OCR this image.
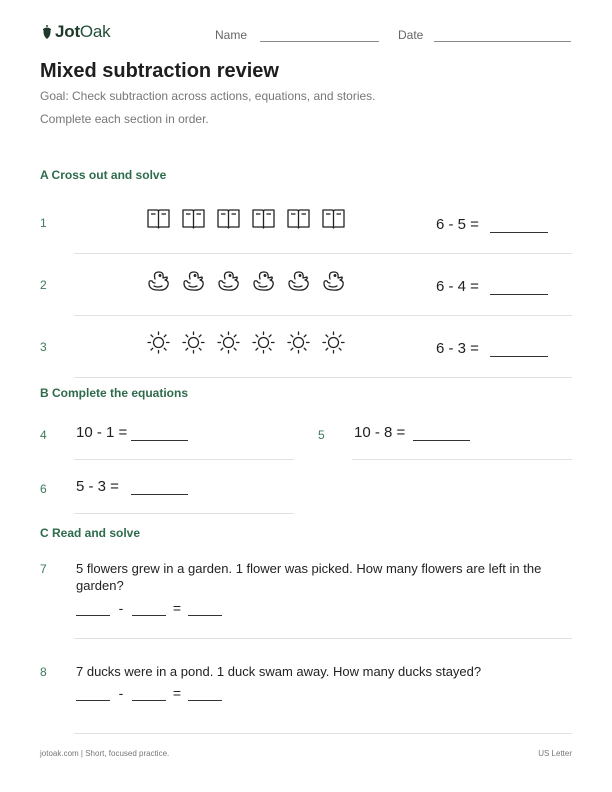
JotOak	Name	Date
Mixed subtraction review
Goal: Check subtraction across actions, equations, and stories.
Complete each section in order.
A Cross out and solve
1	6 - 5 =
2	6 - 4 =
3	6 - 3 =
B Complete the equations
4 10 - 1 =	5 10 - 8 =
6 5 - 3 =
C Read and solve
7 5 flowers grew in a garden. 1 flower was picked. How many flowers are left in the garden?
-	=
8 7 ducks were in a pond. 1 duck swam away. How many ducks stayed?
-	=
jotoak.com | Short, focused practice.	US Letter
